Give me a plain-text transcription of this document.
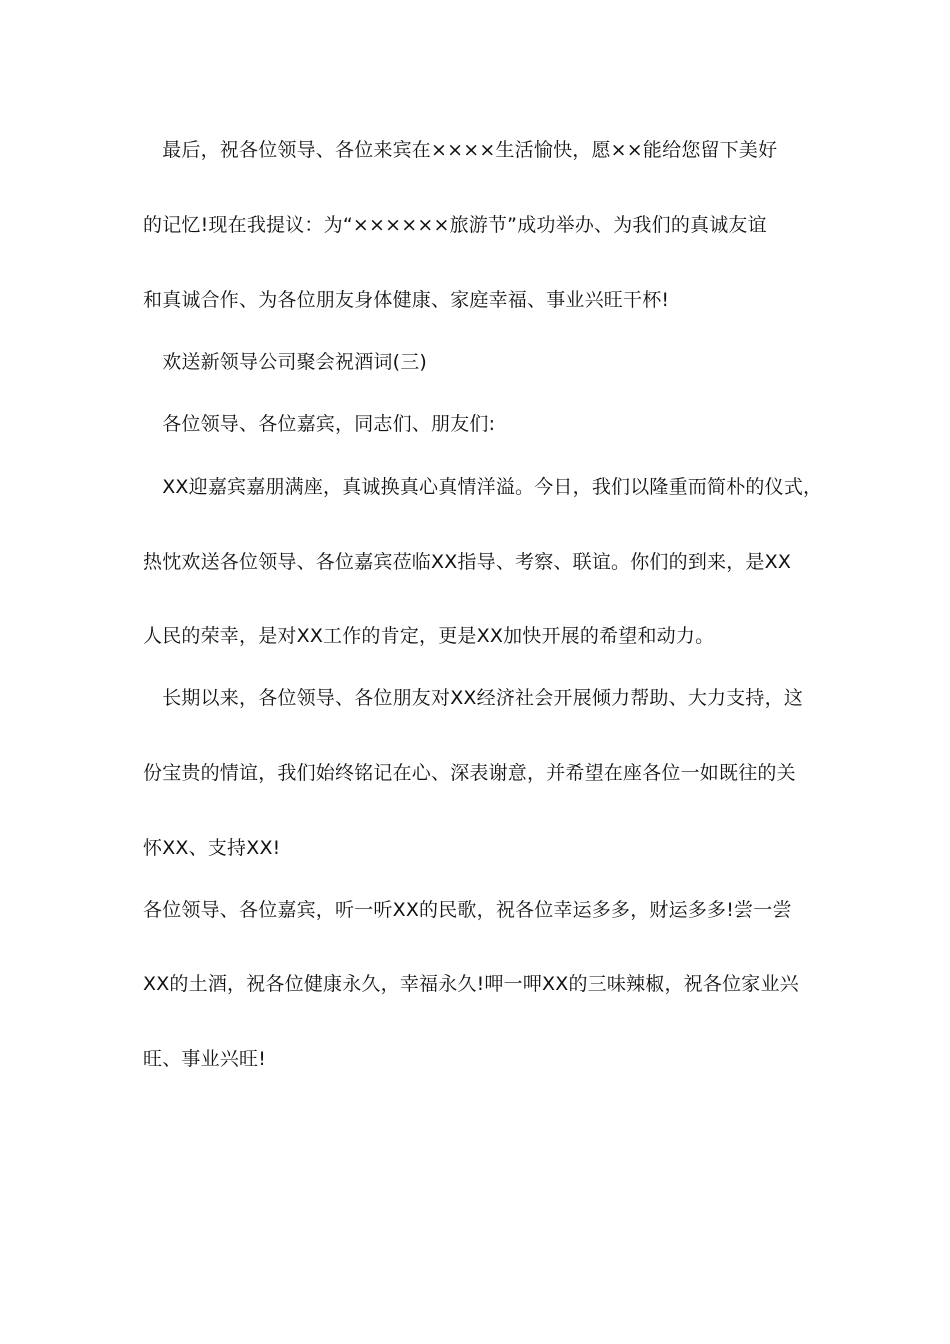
　最后，祝各位领导、各位来宾在××××生活愉快，愿××能给您留下美好
的记忆!现在我提议：为“××××××旅游节”成功举办、为我们的真诚友谊
和真诚合作、为各位朋友身体健康、家庭幸福、事业兴旺干杯!
　欢送新领导公司聚会祝酒词(三)
　各位领导、各位嘉宾，同志们、朋友们:
　XX迎嘉宾嘉朋满座，真诚换真心真情洋溢。今日，我们以隆重而简朴的仪式，
热忱欢送各位领导、各位嘉宾莅临XX指导、考察、联谊。你们的到来，是XX
人民的荣幸，是对XX工作的肯定，更是XX加快开展的希望和动力。
　长期以来，各位领导、各位朋友对XX经济社会开展倾力帮助、大力支持，这
份宝贵的情谊，我们始终铭记在心、深表谢意，并希望在座各位一如既往的关
怀XX、支持XX!
各位领导、各位嘉宾，听一听XX的民歌，祝各位幸运多多，财运多多!尝一尝
XX的土酒，祝各位健康永久，幸福永久!呷一呷XX的三味辣椒，祝各位家业兴
旺、事业兴旺!
